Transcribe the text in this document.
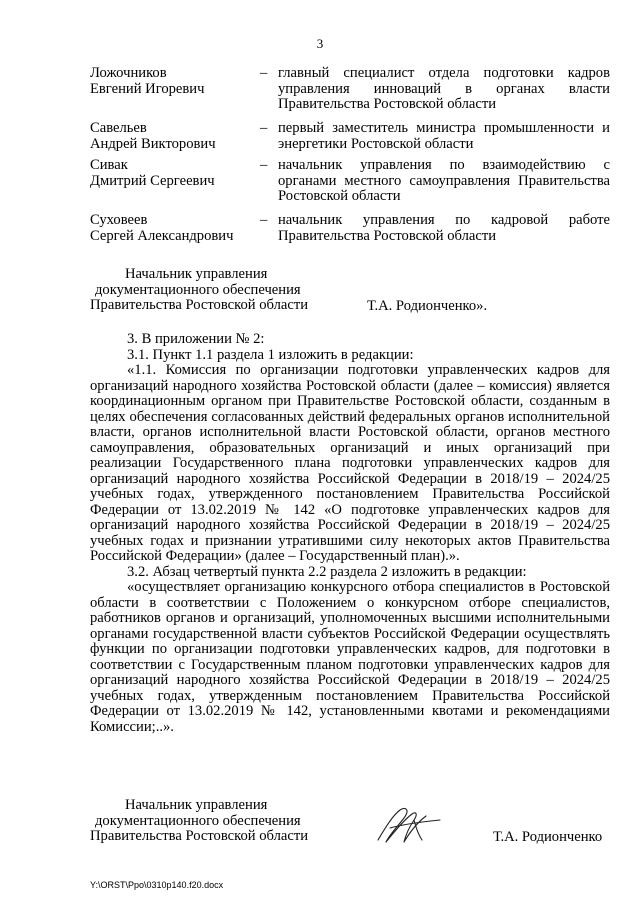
3
Ложочников
Евгений Игоревич
– главный специалист отдела подготовки кадров управления инноваций в органах власти Правительства Ростовской области
Савельев
Андрей Викторович
– первый заместитель министра промышленности и энергетики Ростовской области
Сивак
Дмитрий Сергеевич
– начальник управления по взаимодействию с органами местного самоуправления Правительства Ростовской области
Суховеев
Сергей Александрович
– начальник управления по кадровой работе Правительства Ростовской области
Начальник управления
документационного обеспечения
Правительства Ростовской области	Т.А. Родионченко».

3. В приложении № 2:

3.1. Пункт 1.1 раздела 1 изложить в редакции:

«1.1. Комиссия по организации подготовки управленческих кадров для организаций народного хозяйства Ростовской области (далее – комиссия) является координационным органом при Правительстве Ростовской области, созданным в целях обеспечения согласованных действий федеральных органов исполнительной власти, органов исполнительной власти Ростовской области, органов местного самоуправления, образовательных организаций и иных организаций при реализации Государственного плана подготовки управленческих кадров для организаций народного хозяйства Российской Федерации в 2018/19 – 2024/25 учебных годах, утвержденного постановлением Правительства Российской Федерации от 13.02.2019 № 142 «О подготовке управленческих кадров для организаций народного хозяйства Российской Федерации в 2018/19 – 2024/25 учебных годах и признании утратившими силу некоторых актов Правительства Российской Федерации» (далее – Государственный план).».

3.2. Абзац четвертый пункта 2.2 раздела 2 изложить в редакции:

«осуществляет организацию конкурсного отбора специалистов в Ростовской области в соответствии с Положением о конкурсном отборе специалистов, работников органов и организаций, уполномоченных высшими исполнительными органами государственной власти субъектов Российской Федерации осуществлять функции по организации подготовки управленческих кадров, для подготовки в соответствии с Государственным планом подготовки управленческих кадров для организаций народного хозяйства Российской Федерации в 2018/19 – 2024/25 учебных годах, утвержденным постановлением Правительства Российской Федерации от 13.02.2019 № 142, установленными квотами и рекомендациями Комиссии;..».

Начальник управления
документационного обеспечения
Правительства Ростовской области	Т.А. Родионченко
Y:\ORST\Ppo\0310p140.f20.docx
